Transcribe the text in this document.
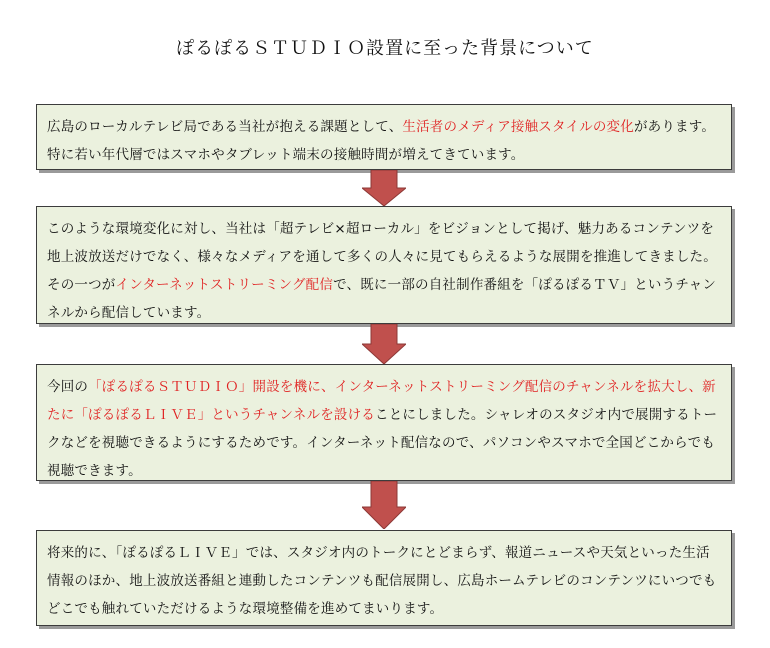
ぽるぽるＳＴＵＤＩＯ設置に至った背景について

広島のローカルテレビ局である当社が抱える課題として、生活者のメディア接触スタイルの変化があります。特に若い年代層ではスマホやタブレット端末の接触時間が増えてきています。

このような環境変化に対し、当社は「超テレビ×超ローカル」をビジョンとして掲げ、魅力あるコンテンツを地上波放送だけでなく、様々なメディアを通して多くの人々に見てもらえるような展開を推進してきました。その一つがインターネットストリーミング配信で、既に一部の自社制作番組を「ぽるぽるＴＶ」というチャンネルから配信しています。

今回の「ぽるぽるＳＴＵＤＩＯ」開設を機に、インターネットストリーミング配信のチャンネルを拡大し、新たに「ぽるぽるＬＩＶＥ」というチャンネルを設けることにしました。シャレオのスタジオ内で展開するトークなどを視聴できるようにするためです。インターネット配信なので、パソコンやスマホで全国どこからでも視聴できます。

将来的に、「ぽるぽるＬＩＶＥ」では、スタジオ内のトークにとどまらず、報道ニュースや天気といった生活情報のほか、地上波放送番組と連動したコンテンツも配信展開し、広島ホームテレビのコンテンツにいつでもどこでも触れていただけるような環境整備を進めてまいります。
